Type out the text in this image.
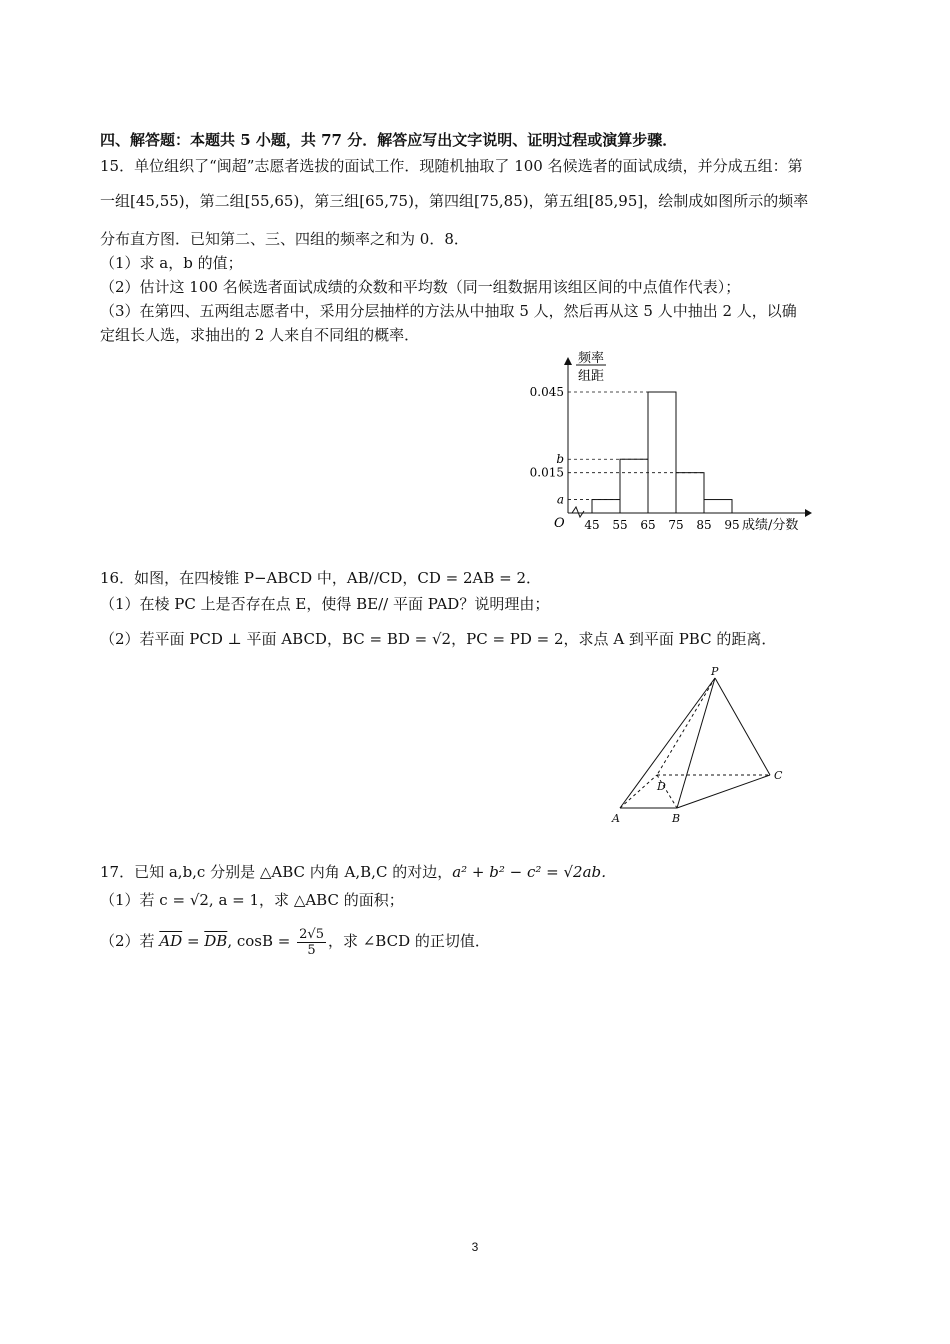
四、解答题：本题共 5 小题，共 77 分．解答应写出文字说明、证明过程或演算步骤．
15．单位组织了“闽超”志愿者选拔的面试工作．现随机抽取了 100 名候选者的面试成绩，并分成五组：第
一组[45,55)，第二组[55,65)，第三组[65,75)，第四组[75,85)，第五组[85,95]，绘制成如图所示的频率
分布直方图．已知第二、三、四组的频率之和为 0．8．
（1）求 a，b 的值；
（2）估计这 100 名候选者面试成绩的众数和平均数（同一组数据用该组区间的中点值作代表）；
（3）在第四、五两组志愿者中，采用分层抽样的方法从中抽取 5 人，然后再从这 5 人中抽出 2 人，以确
定组长人选，求抽出的 2 人来自不同组的概率．
频率
组距
0.045
b
0.015
a
45 55 65 75 85 95 成绩/分数
O
16．如图，在四棱锥 P−ABCD 中，AB//CD，CD = 2AB = 2．
（1）在棱 PC 上是否存在点 E，使得 BE// 平面 PAD？说明理由；
（2）若平面 PCD ⊥ 平面 ABCD，BC = BD = √2，PC = PD = 2，求点 A 到平面 PBC 的距离．
P
A	B
C
D
17．已知 a,b,c 分别是 △ABC 内角 A,B,C 的对边，a² + b² − c² = √2ab．
（1）若 c = √2, a = 1，求 △ABC 的面积；
（2）若 $\overline{AD} = \overline{DB}$, $\cos B = \frac{2√5}{5}$ ，求 ∠BCD 的正切值．
3
